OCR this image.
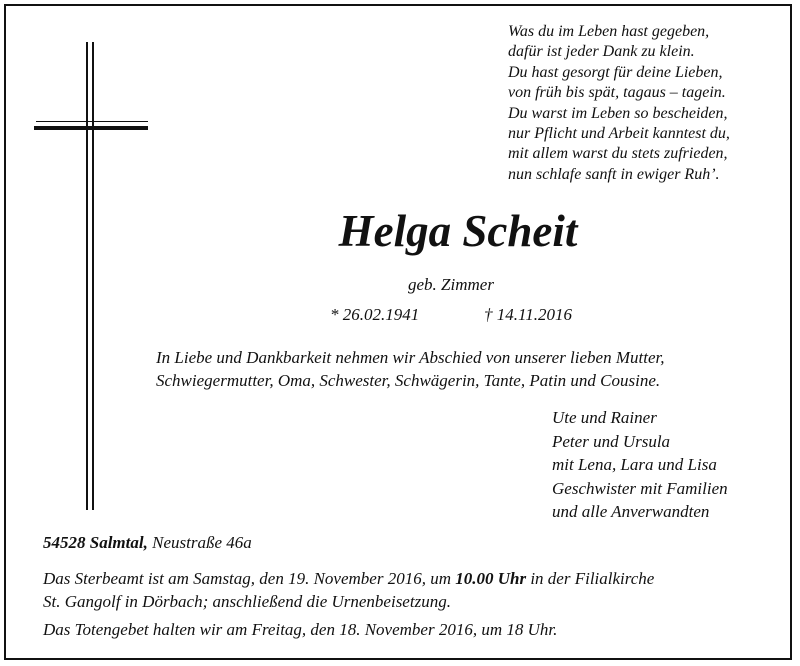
Was du im Leben hast gegeben,
dafür ist jeder Dank zu klein.
Du hast gesorgt für deine Lieben,
von früh bis spät, tagaus – tagein.
Du warst im Leben so bescheiden,
nur Pflicht und Arbeit kanntest du,
mit allem warst du stets zufrieden,
nun schlafe sanft in ewiger Ruh’.
Helga Scheit
geb. Zimmer
* 26.02.1941	† 14.11.2016
In Liebe und Dankbarkeit nehmen wir Abschied von unserer lieben Mutter,
Schwiegermutter, Oma, Schwester, Schwägerin, Tante, Patin und Cousine.
Ute und Rainer
Peter und Ursula
mit Lena, Lara und Lisa
Geschwister mit Familien
und alle Anverwandten
54528 Salmtal, Neustraße 46a
Das Sterbeamt ist am Samstag, den 19. November 2016, um 10.00 Uhr in der Filialkirche
St. Gangolf in Dörbach; anschließend die Urnenbeisetzung.
Das Totengebet halten wir am Freitag, den 18. November 2016, um 18 Uhr.
